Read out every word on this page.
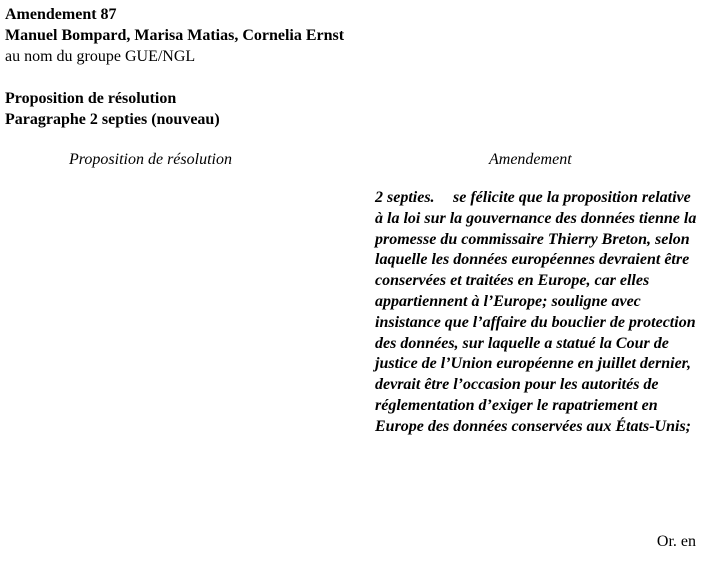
Amendement 87
Manuel Bompard, Marisa Matias, Cornelia Ernst
au nom du groupe GUE/NGL
Proposition de résolution
Paragraphe 2 septies (nouveau)
Proposition de résolution	Amendement
2 septies. se félicite que la proposition relative à la loi sur la gouvernance des données tienne la promesse du commissaire Thierry Breton, selon laquelle les données européennes devraient être conservées et traitées en Europe, car elles appartiennent à l’Europe; souligne avec insistance que l’affaire du bouclier de protection des données, sur laquelle a statué la Cour de justice de l’Union européenne en juillet dernier, devrait être l’occasion pour les autorités de réglementation d’exiger le rapatriement en Europe des données conservées aux États-Unis;
Or. en
